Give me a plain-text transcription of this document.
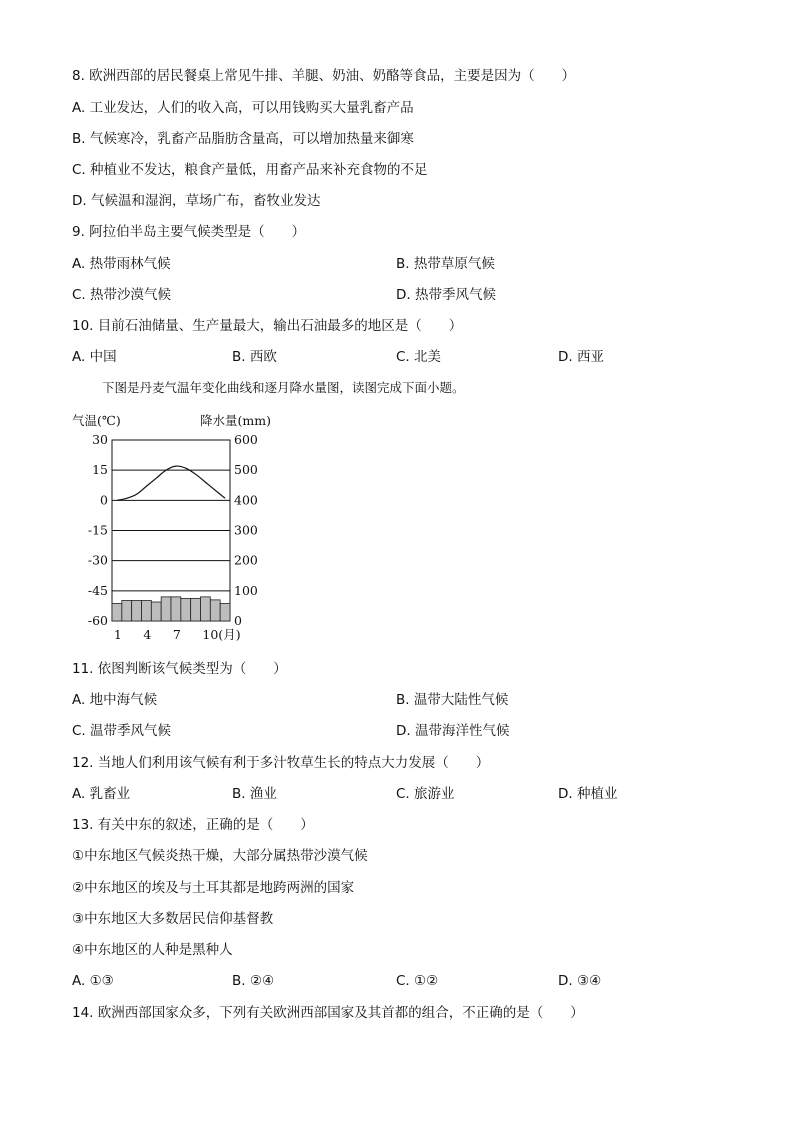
8. 欧洲西部的居民餐桌上常见牛排、羊腿、奶油、奶酪等食品，主要是因为（　　）
A. 工业发达，人们的收入高，可以用钱购买大量乳畜产品
B. 气候寒冷，乳畜产品脂肪含量高，可以增加热量来御寒
C. 种植业不发达，粮食产量低，用畜产品来补充食物的不足
D. 气候温和湿润，草场广布，畜牧业发达
9. 阿拉伯半岛主要气候类型是（　　）
A. 热带雨林气候	B. 热带草原气候
C. 热带沙漠气候	D. 热带季风气候
10. 目前石油储量、生产量最大，输出石油最多的地区是（　　）
A. 中国	B. 西欧	C. 北美	D. 西亚
下图是丹麦气温年变化曲线和逐月降水量图，读图完成下面小题。
气温(℃)	降水量(mm)
30
15
0
-15
-30
-45
-60
600
500
400
300
200
100
0
1 4 7 10(月)
11. 依图判断该气候类型为（　　）
A. 地中海气候	B. 温带大陆性气候
C. 温带季风气候	D. 温带海洋性气候
12. 当地人们利用该气候有利于多汁牧草生长的特点大力发展（　　）
A. 乳畜业	B. 渔业	C. 旅游业	D. 种植业
13. 有关中东的叙述，正确的是（　　）
①中东地区气候炎热干燥，大部分属热带沙漠气候
②中东地区的埃及与土耳其都是地跨两洲的国家
③中东地区大多数居民信仰基督教
④中东地区的人种是黑种人
A. ①③	B. ②④	C. ①②	D. ③④
14. 欧洲西部国家众多，下列有关欧洲西部国家及其首都的组合，不正确的是（　　）
